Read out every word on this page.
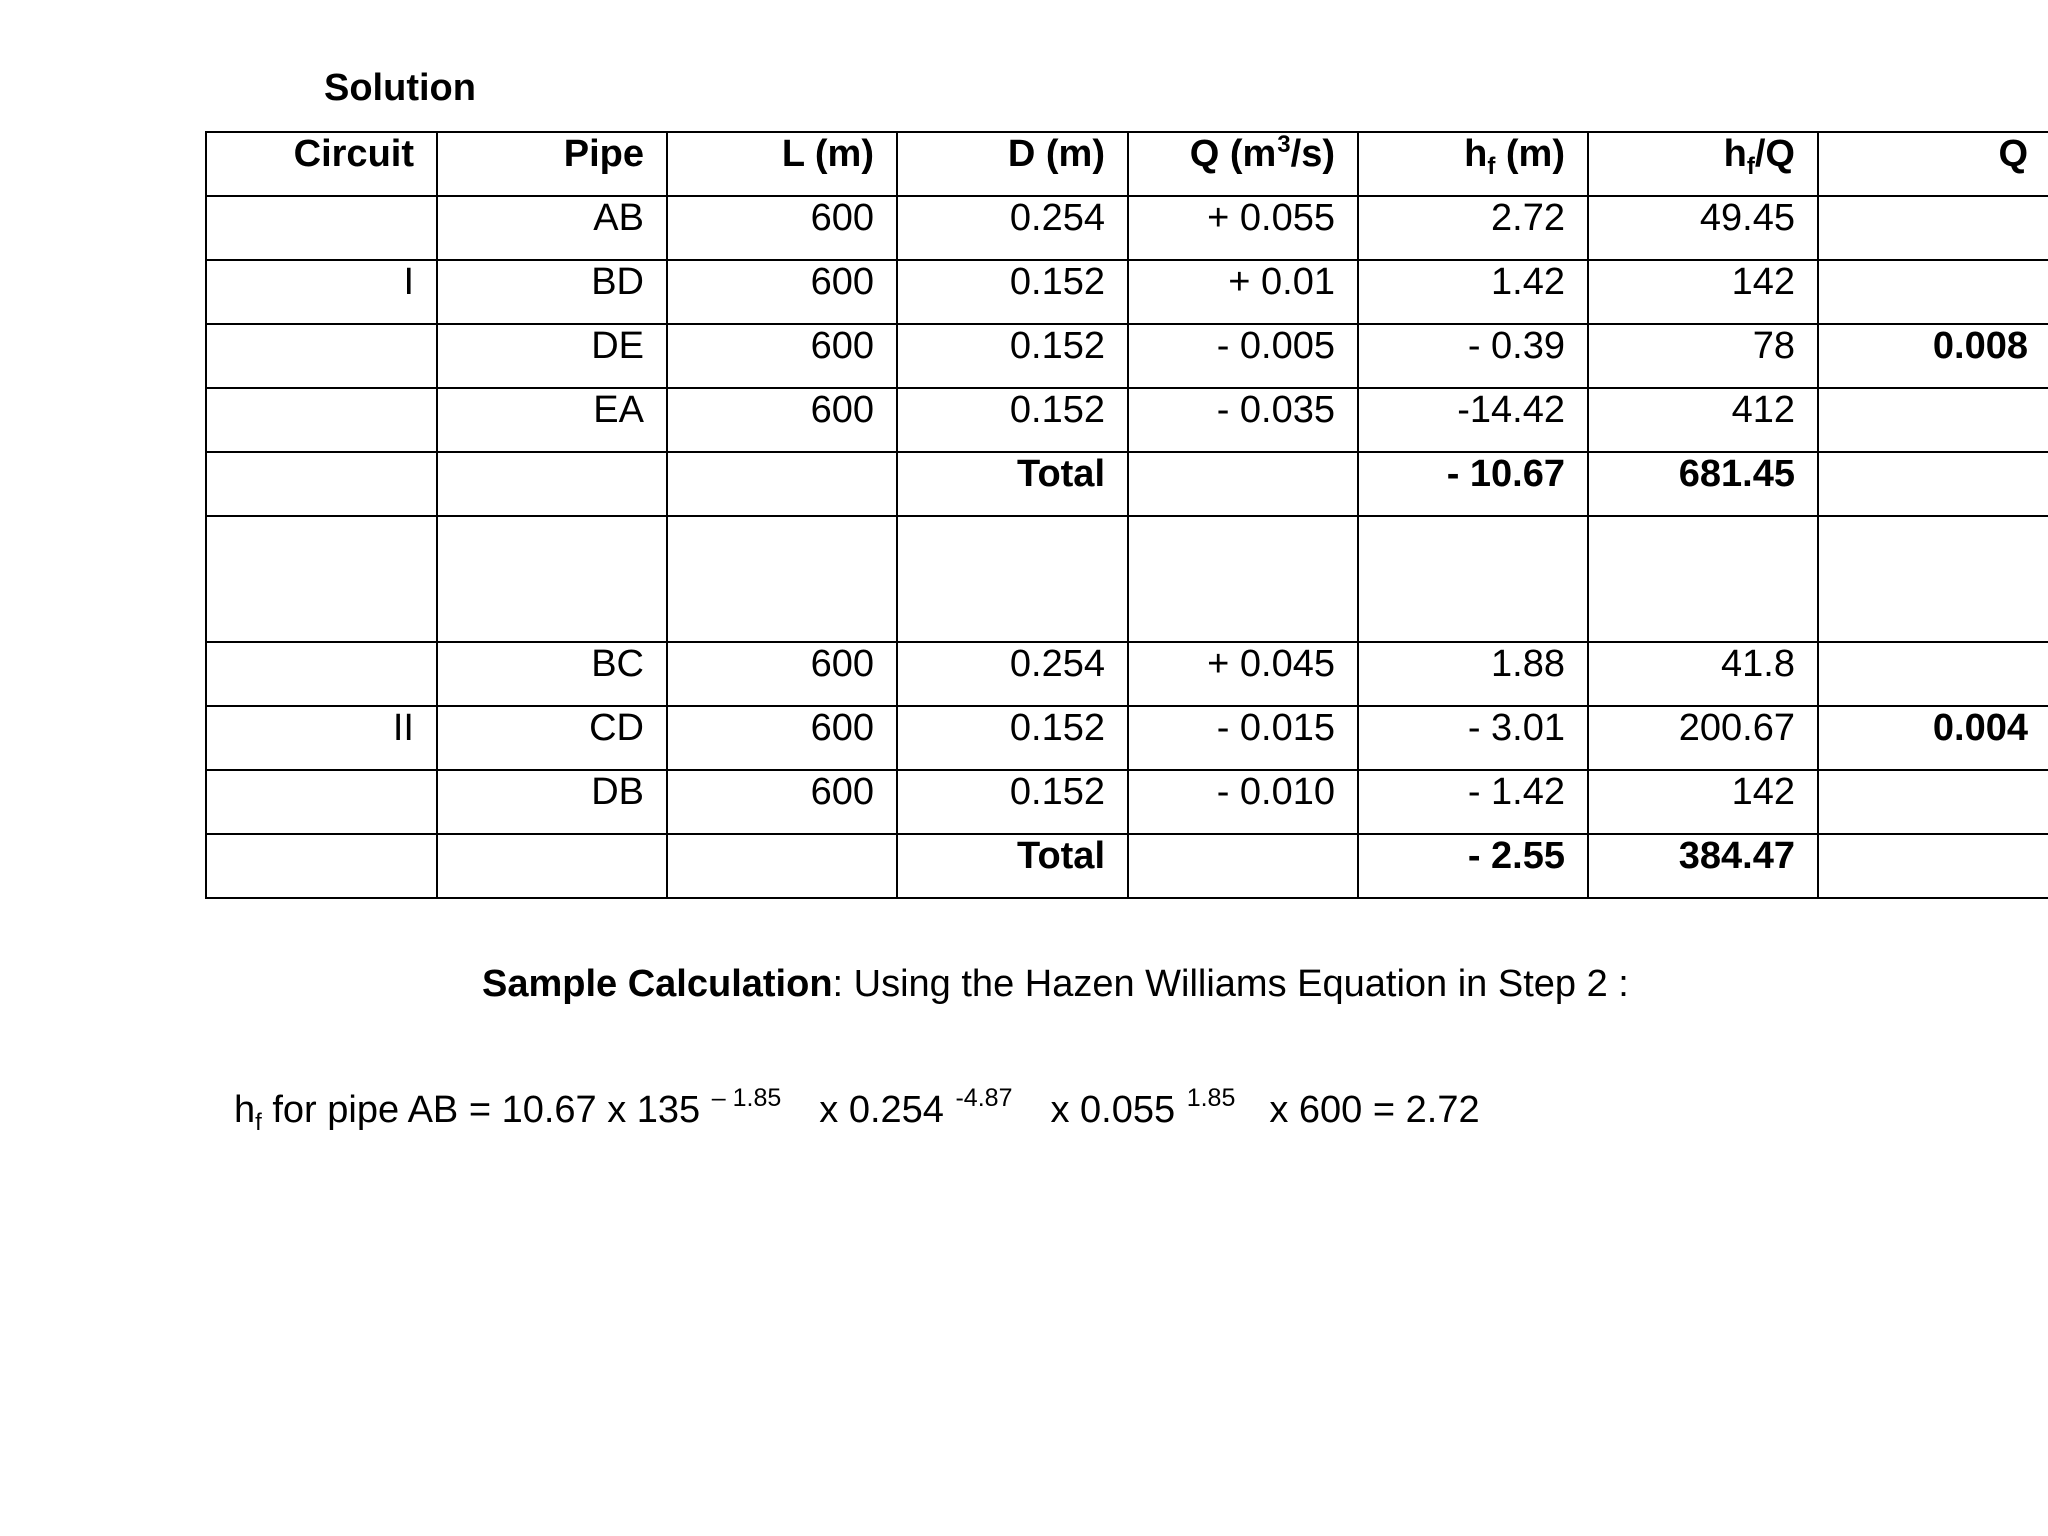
Solution

Circuit	Pipe	L (m)	D (m)	Q $(m^3/s)$	$h_f$ (m)	$h_f/Q$	Q
	AB	600	0.254	+ 0.055	2.72	49.45	
I	BD	600	0.152	+ 0.01	1.42	142	
	DE	600	0.152	- 0.005	- 0.39	78	0.008
	EA	600	0.152	- 0.035	-14.42	412	
			Total		- 10.67	681.45	

	BC	600	0.254	+ 0.045	1.88	41.8	
II	CD	600	0.152	- 0.015	- 3.01	200.67	0.004
	DB	600	0.152	- 0.010	- 1.42	142	
			Total		- 2.55	384.47	

Sample Calculation: Using the Hazen Williams Equation in Step 2 :

$h_f$ for pipe AB = 10.67 x 135 $^{- 1.85}$ x 0.254 $^{-4.87}$ x 0.055 $^{1.85}$ x 600 = 2.72
